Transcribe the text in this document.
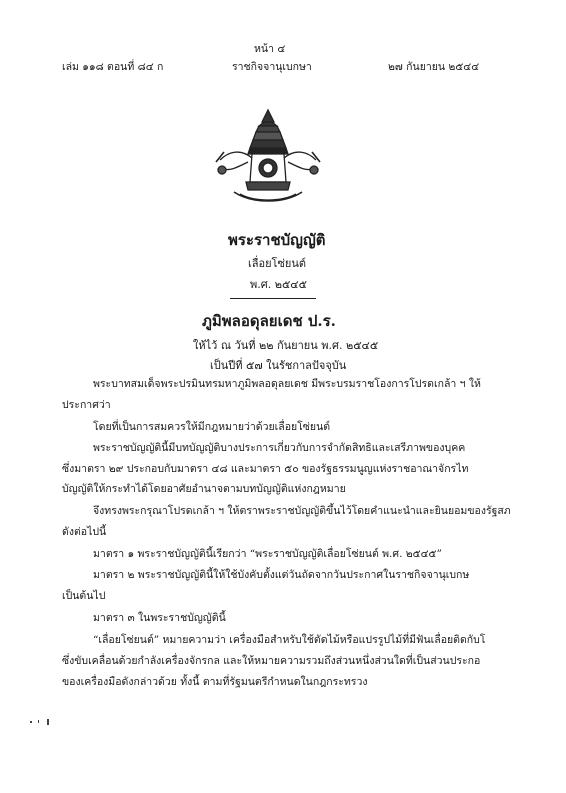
หน้า ๔
เล่ม ๑๑๘ ตอนที่ ๘๔ ก	ราชกิจจานุเบกษา	๒๗ กันยายน ๒๕๔๔
พระราชบัญญัติ
เลื่อยโซ่ยนต์
พ.ศ. ๒๕๔๕
ภูมิพลอดุลยเดช ป.ร.
ให้ไว้ ณ วันที่ ๒๒ กันยายน พ.ศ. ๒๕๔๕
เป็นปีที่ ๕๗ ในรัชกาลปัจจุบัน
พระบาทสมเด็จพระปรมินทรมหาภูมิพลอดุลยเดช มีพระบรมราชโองการโปรดเกล้า ฯ ให้
ประกาศว่า
โดยที่เป็นการสมควรให้มีกฎหมายว่าด้วยเลื่อยโซ่ยนต์
พระราชบัญญัตินี้มีบทบัญญัติบางประการเกี่ยวกับการจำกัดสิทธิและเสรีภาพของบุคค
ซึ่งมาตรา ๒๙ ประกอบกับมาตรา ๔๘ และมาตรา ๕๐ ของรัฐธรรมนูญแห่งราชอาณาจักรไท
บัญญัติให้กระทำได้โดยอาศัยอำนาจตามบทบัญญัติแห่งกฎหมาย
จึงทรงพระกรุณาโปรดเกล้า ฯ ให้ตราพระราชบัญญัติขึ้นไว้โดยคำแนะนำและยินยอมของรัฐสภ
ดังต่อไปนี้
มาตรา ๑ พระราชบัญญัตินี้เรียกว่า “พระราชบัญญัติเลื่อยโซ่ยนต์ พ.ศ. ๒๕๔๕”
มาตรา ๒ พระราชบัญญัตินี้ให้ใช้บังคับตั้งแต่วันถัดจากวันประกาศในราชกิจจานุเบกษ
เป็นต้นไป
มาตรา ๓ ในพระราชบัญญัตินี้
“เลื่อยโซ่ยนต์” หมายความว่า เครื่องมือสำหรับใช้ตัดไม้หรือแปรรูปไม้ที่มีฟันเลื่อยติดกับโ
ซึ่งขับเคลื่อนด้วยกำลังเครื่องจักรกล และให้หมายความรวมถึงส่วนหนึ่งส่วนใดที่เป็นส่วนประกอ
ของเครื่องมือดังกล่าวด้วย ทั้งนี้ ตามที่รัฐมนตรีกำหนดในกฎกระทรวง
